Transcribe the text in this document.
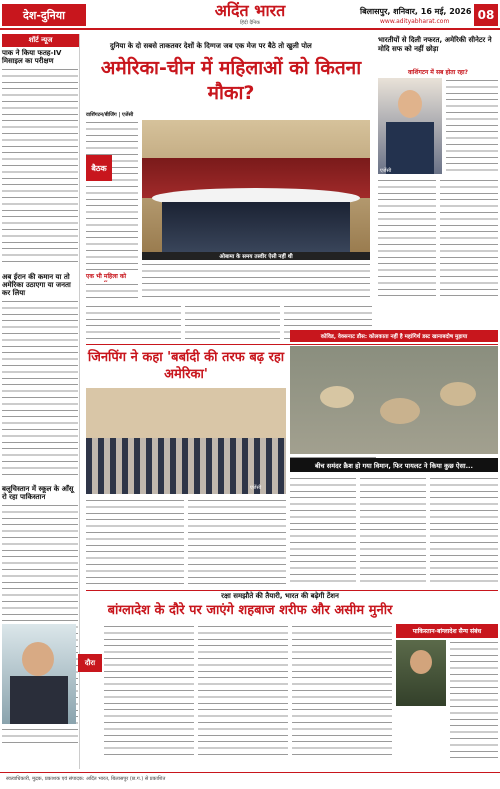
देश-दुनिया	अदिंत भारत
हिंदी दैनिक
बिलासपुर, शनिवार, 16 मई, 2026
www.adityabharat.com	08
शॉर्ट न्यूज
पाक ने किया फतह-IV मिसाइल का परीक्षण
अब ईरान की कमान या तो अमेरिका उठाएगा या जनता कर लिया
बलूचिस्तान में स्कूल के आँसू रो रहा पाकिस्तान
दुनिया के दो सबसे ताकतवर देशों के दिग्गज जब एक मेज पर बैठे तो खुली पोल
अमेरिका-चीन में महिलाओं को कितना मौका?
वाशिंगटन/बीजिंग | एजेंसी
बैठक
ओबामा के समय तस्वीर ऐसी नहीं थी
एक भी महिला को
भारतीयों से दिली नफरत, अमेरिकी सीनेटर ने मोदि सफ को नहीं छोड़ा
वाशिंगटन में सब होता रहा?
एजेंसी
जिनपिंग ने कहा 'बर्बादी की तरफ बढ़ रहा अमेरिका'
एजेंसी
कोविड, वेक्सनाट डौस: कोलकाता नहीं है महांगिर्थ डस्ट खानाबदोष मुड़ाया
बीच समंदर क्रैश हो गया विमान, फिर पायलट ने किया कुछ ऐसा...
रक्षा समझौते की तैयारी, भारत की बढ़ेगी टेंशन
बांग्लादेश के दौरे पर जाएंगे शहबाज शरीफ और असीम मुनीर
दौरा
पाकिस्तान-बांग्लादेश सैन्य संबंध
स्वत्वाधिकारी, मुद्रक, प्रकाशक एवं संपादक: अदिंत भारत, बिलासपुर (छ.ग.) से प्रकाशित
